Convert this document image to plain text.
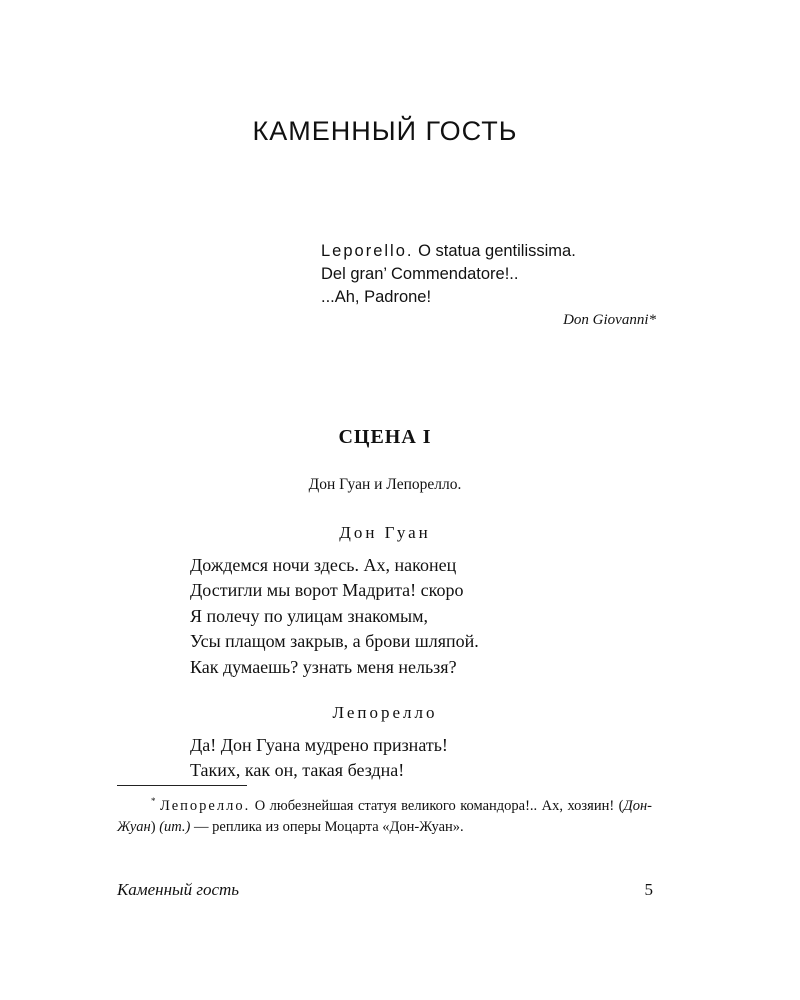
КАМЕННЫЙ ГОСТЬ
Leporello. O statua gentilissima.
Del gran’ Commendatore!..
...Ah, Padrone!
Don Giovanni*
СЦЕНА I
Дон Гуан и Лепорелло.
Дон Гуан
Дождемся ночи здесь. Ах, наконец
Достигли мы ворот Мадрита! скоро
Я полечу по улицам знакомым,
Усы плащом закрыв, а брови шляпой.
Как думаешь? узнать меня нельзя?
Лепорелло
Да! Дон Гуана мудрено признать!
Таких, как он, такая бездна!
* Лепорелло. О любезнейшая статуя великого командора!.. Ах, хозяин! (Дон-Жуан) (ит.) — реплика из оперы Моцарта «Дон-Жуан».
Каменный гость	5
